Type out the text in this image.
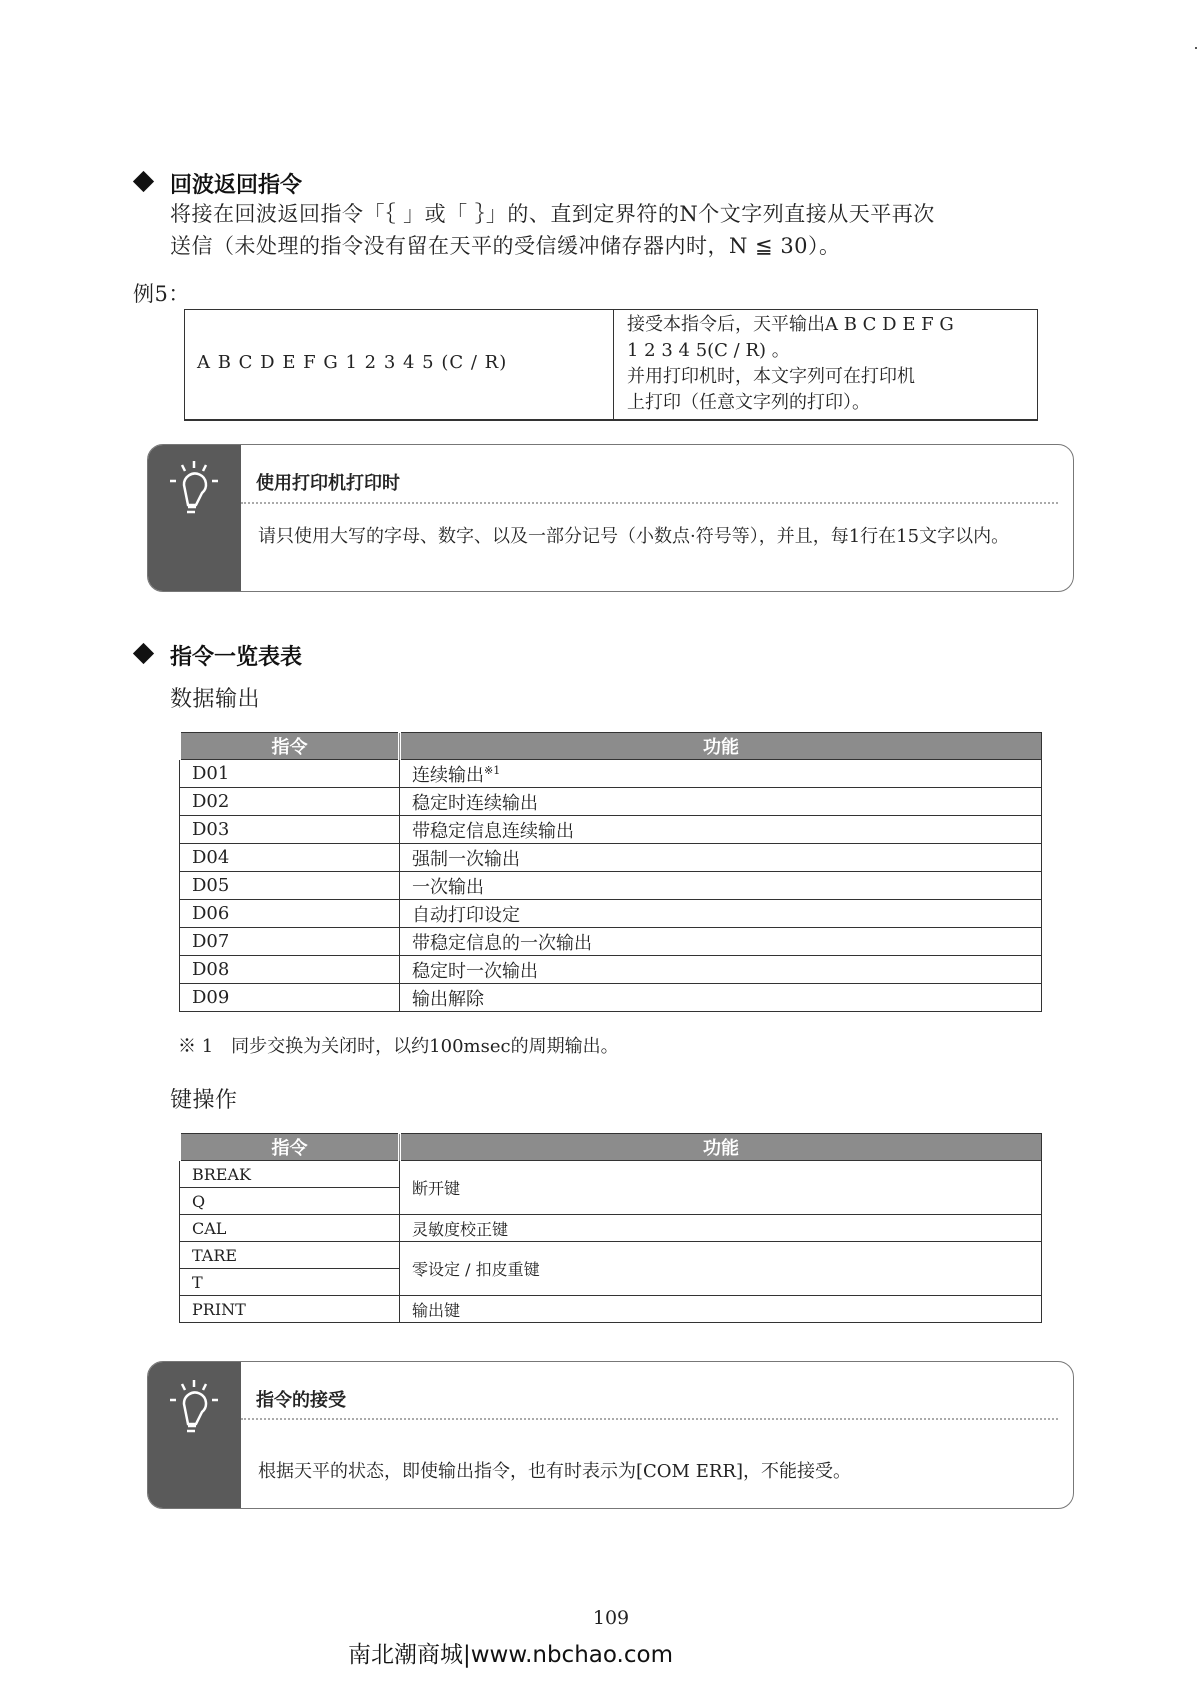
回波返回指令
将接在回波返回指令「｛ 」或「 ｝」的、直到定界符的N个文字列直接从天平再次
送信（未处理的指令没有留在天平的受信缓冲储存器内时，N ≦ 30）。
例5：
A B C D E F G 1 2 3 4 5 (C / R)
接受本指令后，天平输出A B C D E F G
1 2 3 4 5(C / R) 。
并用打印机时，本文字列可在打印机
上打印（任意文字列的打印）。
使用打印机打印时
请只使用大写的字母、数字、以及一部分记号（小数点·符号等），并且，每1行在15文字以内。
指令一览表表
数据输出
指令	功能
D01	连续输出$^{※1}$
D02	稳定时连续输出
D03	带稳定信息连续输出
D04	强制一次输出
D05	一次输出
D06	自动打印设定
D07	带稳定信息的一次输出
D08	稳定时一次输出
D09	输出解除
※ 1　同步交换为关闭时，以约100msec的周期输出。
键操作
指令	功能
BREAK	断开键
Q	
CAL	灵敏度校正键
TARE	零设定 / 扣皮重键
T	
PRINT	输出键
指令的接受
根据天平的状态，即使输出指令，也有时表示为[COM ERR]，不能接受。
109
南北潮商城|www.nbchao.com
